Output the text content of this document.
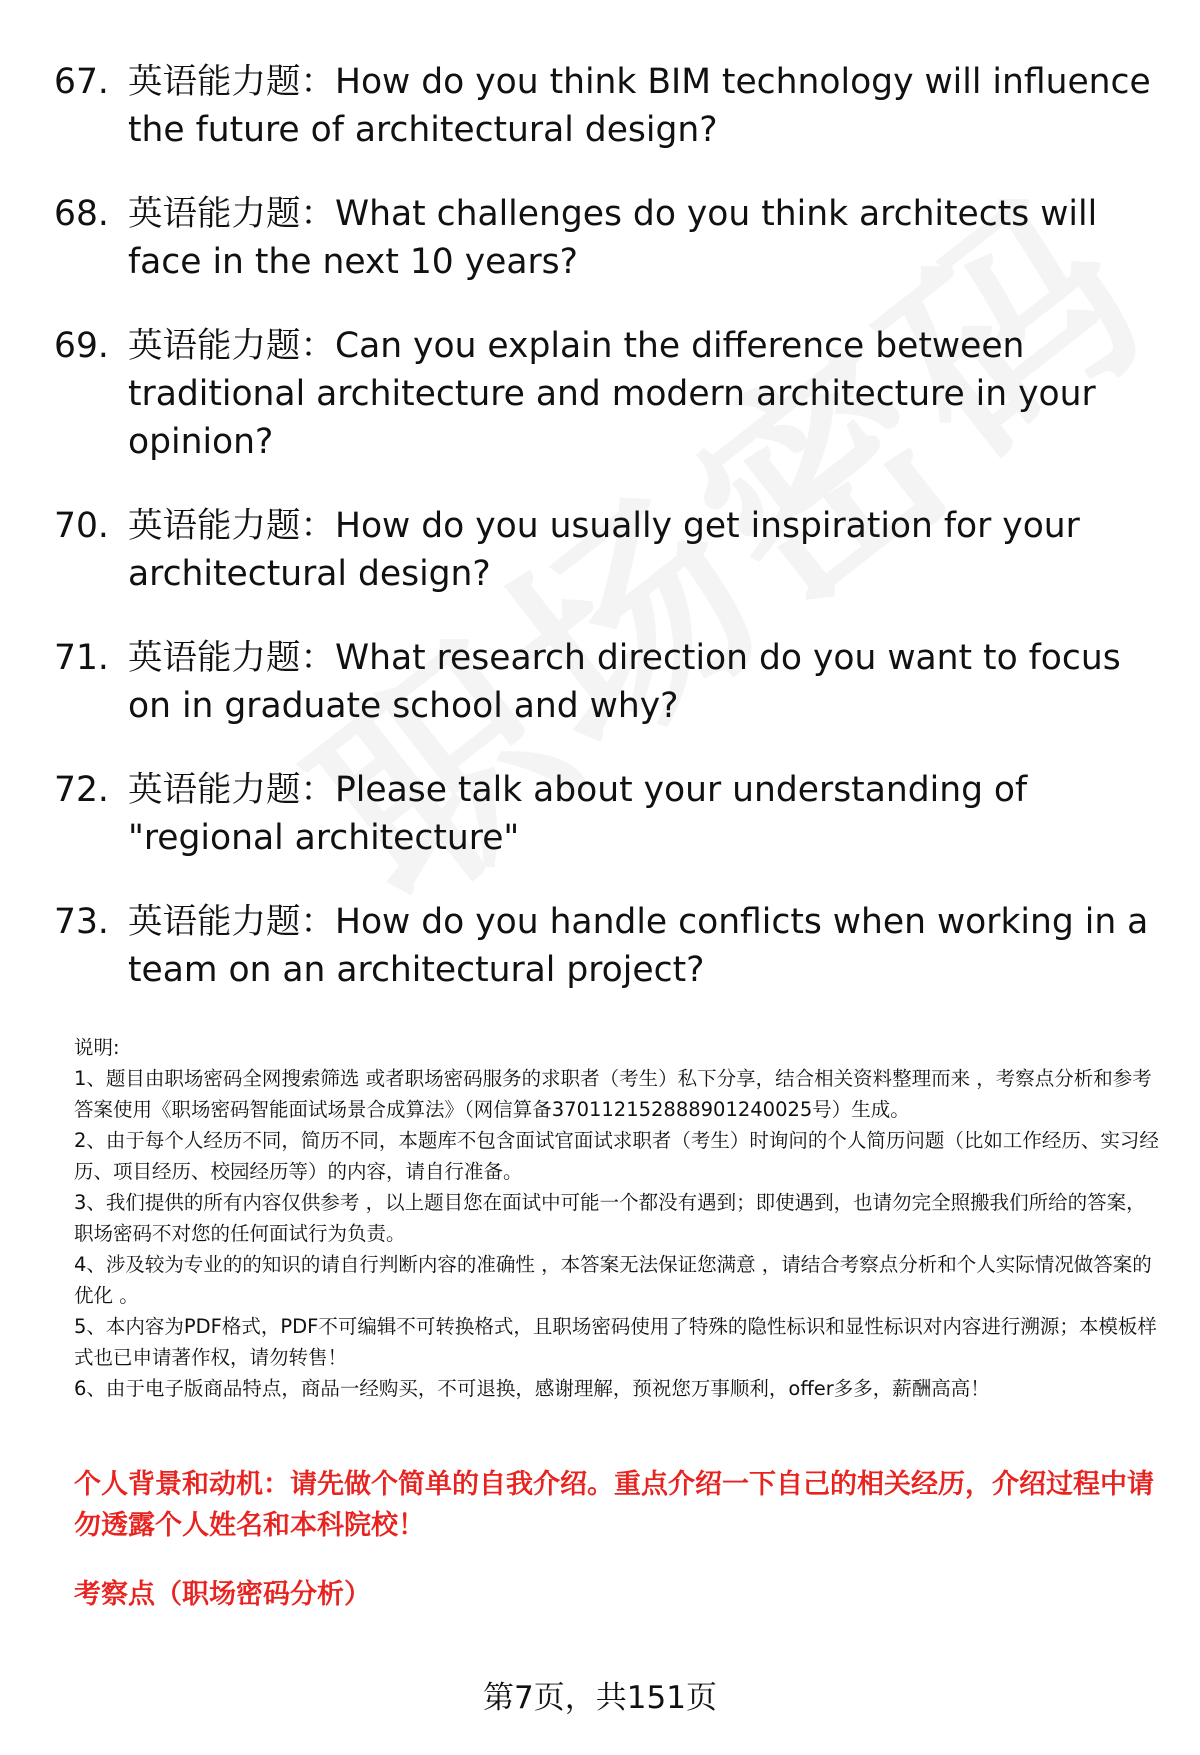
67. 英语能力题：How do you think BIM technology will influence the future of architectural design?
68. 英语能力题：What challenges do you think architects will face in the next 10 years?
69. 英语能力题：Can you explain the difference between traditional architecture and modern architecture in your opinion?
70. 英语能力题：How do you usually get inspiration for your architectural design?
71. 英语能力题：What research direction do you want to focus on in graduate school and why?
72. 英语能力题：Please talk about your understanding of "regional architecture"
73. 英语能力题：How do you handle conflicts when working in a team on an architectural project?

说明:

1、题目由职场密码全网搜索筛选 或者职场密码服务的求职者（考生）私下分享，结合相关资料整理而来 ，考察点分析和参考答案使用《职场密码智能面试场景合成算法》（网信算备370112152888901240025号）生成。

2、由于每个人经历不同，简历不同，本题库不包含面试官面试求职者（考生）时询问的个人简历问题（比如工作经历、实习经历、项目经历、校园经历等）的内容，请自行准备。

3、我们提供的所有内容仅供参考 ，以上题目您在面试中可能一个都没有遇到；即使遇到，也请勿完全照搬我们所给的答案，职场密码不对您的任何面试行为负责。

4、涉及较为专业的的知识的请自行判断内容的准确性 ，本答案无法保证您满意 ，请结合考察点分析和个人实际情况做答案的优化 。

5、本内容为PDF格式，PDF不可编辑不可转换格式，且职场密码使用了特殊的隐性标识和显性标识对内容进行溯源；本模板样式也已申请著作权，请勿转售！

6、由于电子版商品特点，商品一经购买，不可退换，感谢理解，预祝您万事顺利，offer多多，薪酬高高！

个人背景和动机：请先做个简单的自我介绍。重点介绍一下自己的相关经历，介绍过程中请勿透露个人姓名和本科院校！

考察点（职场密码分析）

第7页，共151页
